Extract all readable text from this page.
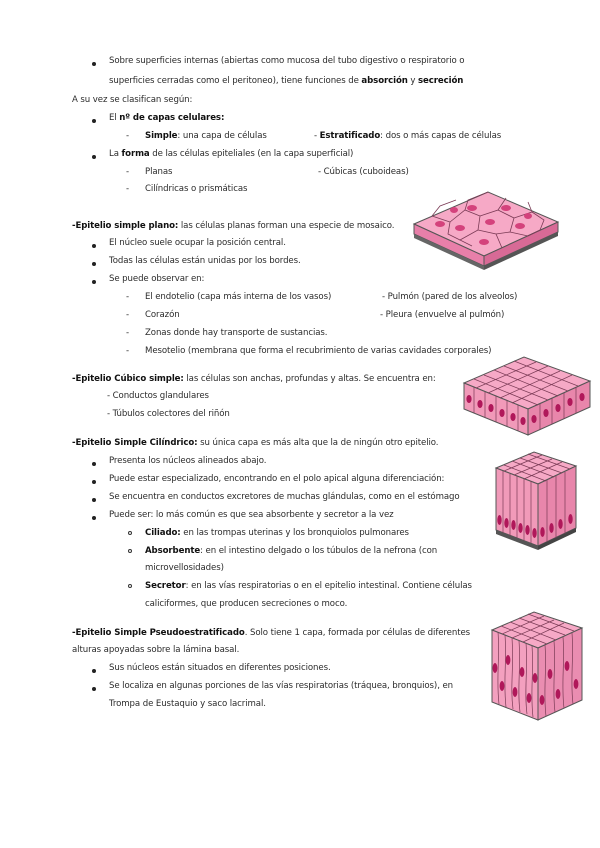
Sobre superficies internas (abiertas como mucosa del tubo digestivo o respiratorio o
superficies cerradas como el peritoneo), tiene funciones de absorción y secreción
A su vez se clasifican según:
El nº de capas celulares:
- Simple: una capa de células	- Estratificado: dos o más capas de células
La forma de las células epiteliales (en la capa superficial)
- Planas	- Cúbicas (cuboideas)
- Cilíndricas o prismáticas
-Epitelio simple plano: las células planas forman una especie de mosaico.
El núcleo suele ocupar la posición central.
Todas las células están unidas por los bordes.
Se puede observar en:
- El endotelio (capa más interna de los vasos)	- Pulmón (pared de los alveolos)
- Corazón	- Pleura (envuelve al pulmón)
- Zonas donde hay transporte de sustancias.
- Mesotelio (membrana que forma el recubrimiento de varias cavidades corporales)
-Epitelio Cúbico simple: las células son anchas, profundas y altas. Se encuentra en:
- Conductos glandulares
- Túbulos colectores del riñón
-Epitelio Simple Cilíndrico: su única capa es más alta que la de ningún otro epitelio.
Presenta los núcleos alineados abajo.
Puede estar especializado, encontrando en el polo apical alguna diferenciación:
Se encuentra en conductos excretores de muchas glándulas, como en el estómago
Puede ser: lo más común es que sea absorbente y secretor a la vez
Ciliado: en las trompas uterinas y los bronquiolos pulmonares
Absorbente: en el intestino delgado o los túbulos de la nefrona (con
microvellosidades)
Secretor: en las vías respiratorias o en el epitelio intestinal. Contiene células
caliciformes, que producen secreciones o moco.
-Epitelio Simple Pseudoestratificado. Solo tiene 1 capa, formada por células de diferentes
alturas apoyadas sobre la lámina basal.
Sus núcleos están situados en diferentes posiciones.
Se localiza en algunas porciones de las vías respiratorias (tráquea, bronquios), en
Trompa de Eustaquio y saco lacrimal.
